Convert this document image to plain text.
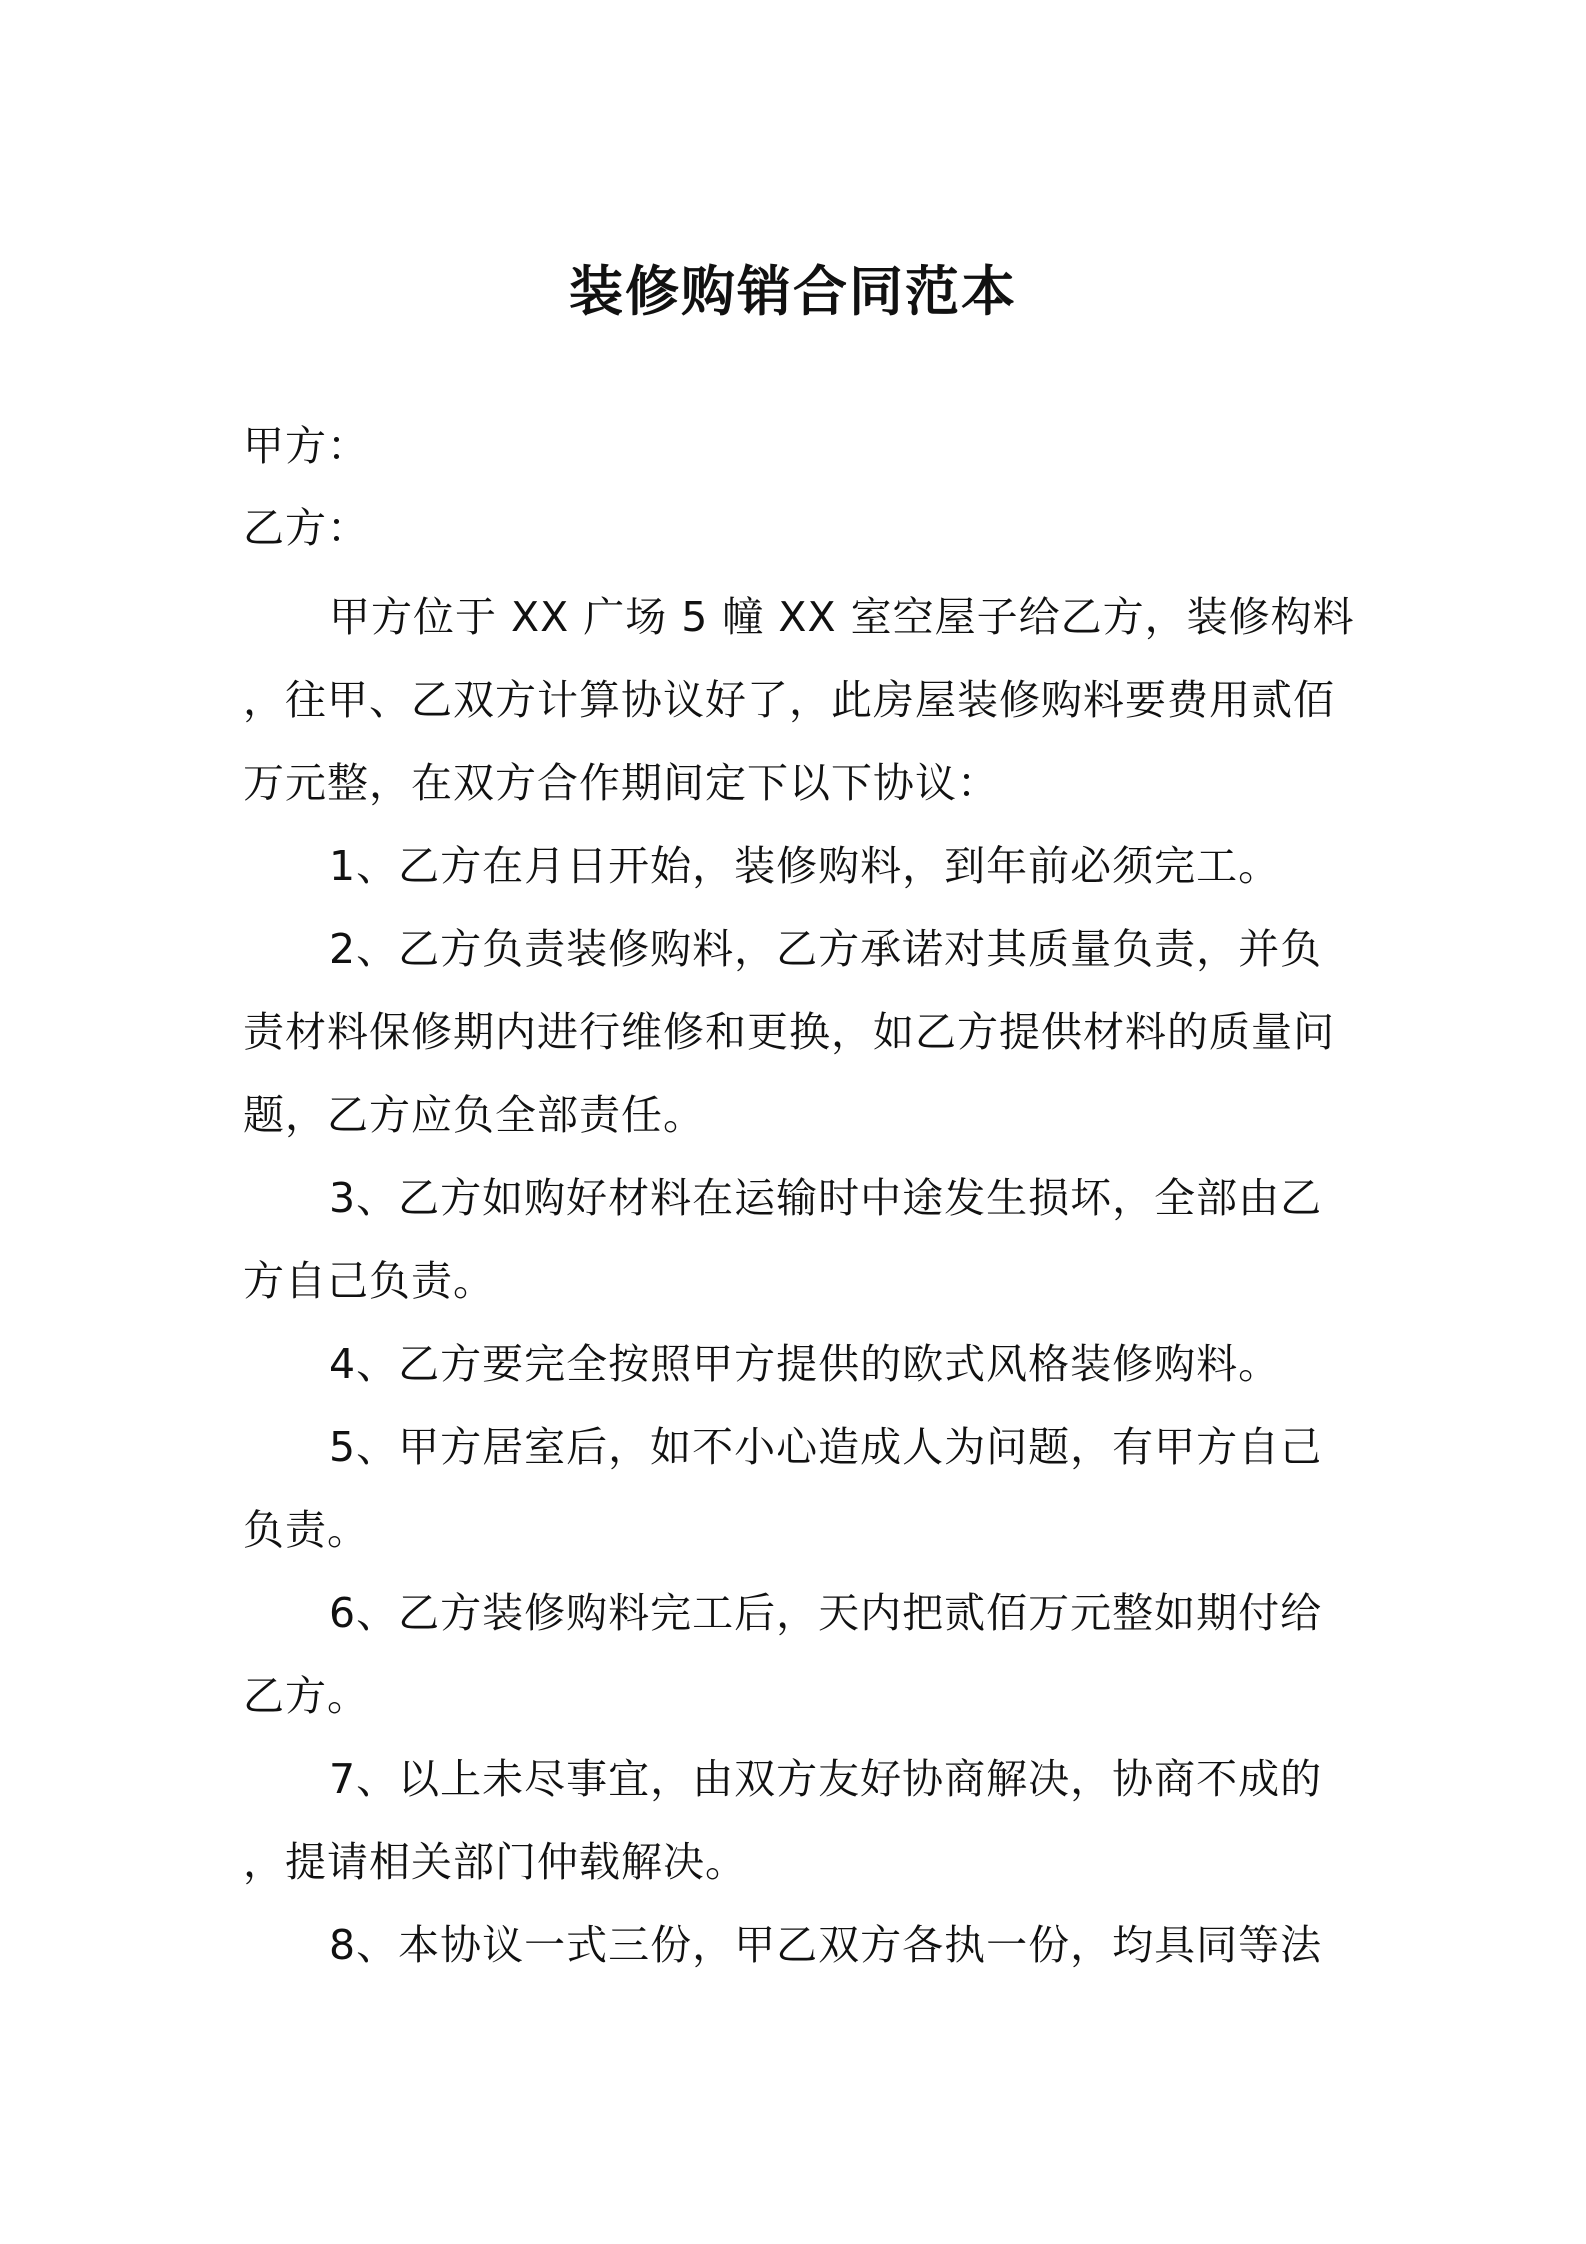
装修购销合同范本
甲方：
乙方：
甲方位于 XX 广场 5 幢 XX 室空屋子给乙方，装修构料
，往甲、乙双方计算协议好了，此房屋装修购料要费用贰佰
万元整，在双方合作期间定下以下协议：
1、乙方在月日开始，装修购料，到年前必须完工。
2、乙方负责装修购料，乙方承诺对其质量负责，并负
责材料保修期内进行维修和更换，如乙方提供材料的质量问
题，乙方应负全部责任。
3、乙方如购好材料在运输时中途发生损坏，全部由乙
方自己负责。
4、乙方要完全按照甲方提供的欧式风格装修购料。
5、甲方居室后，如不小心造成人为问题，有甲方自己
负责。
6、乙方装修购料完工后，天内把贰佰万元整如期付给
乙方。
7、以上未尽事宜，由双方友好协商解决，协商不成的
，提请相关部门仲载解决。
8、本协议一式三份，甲乙双方各执一份，均具同等法
